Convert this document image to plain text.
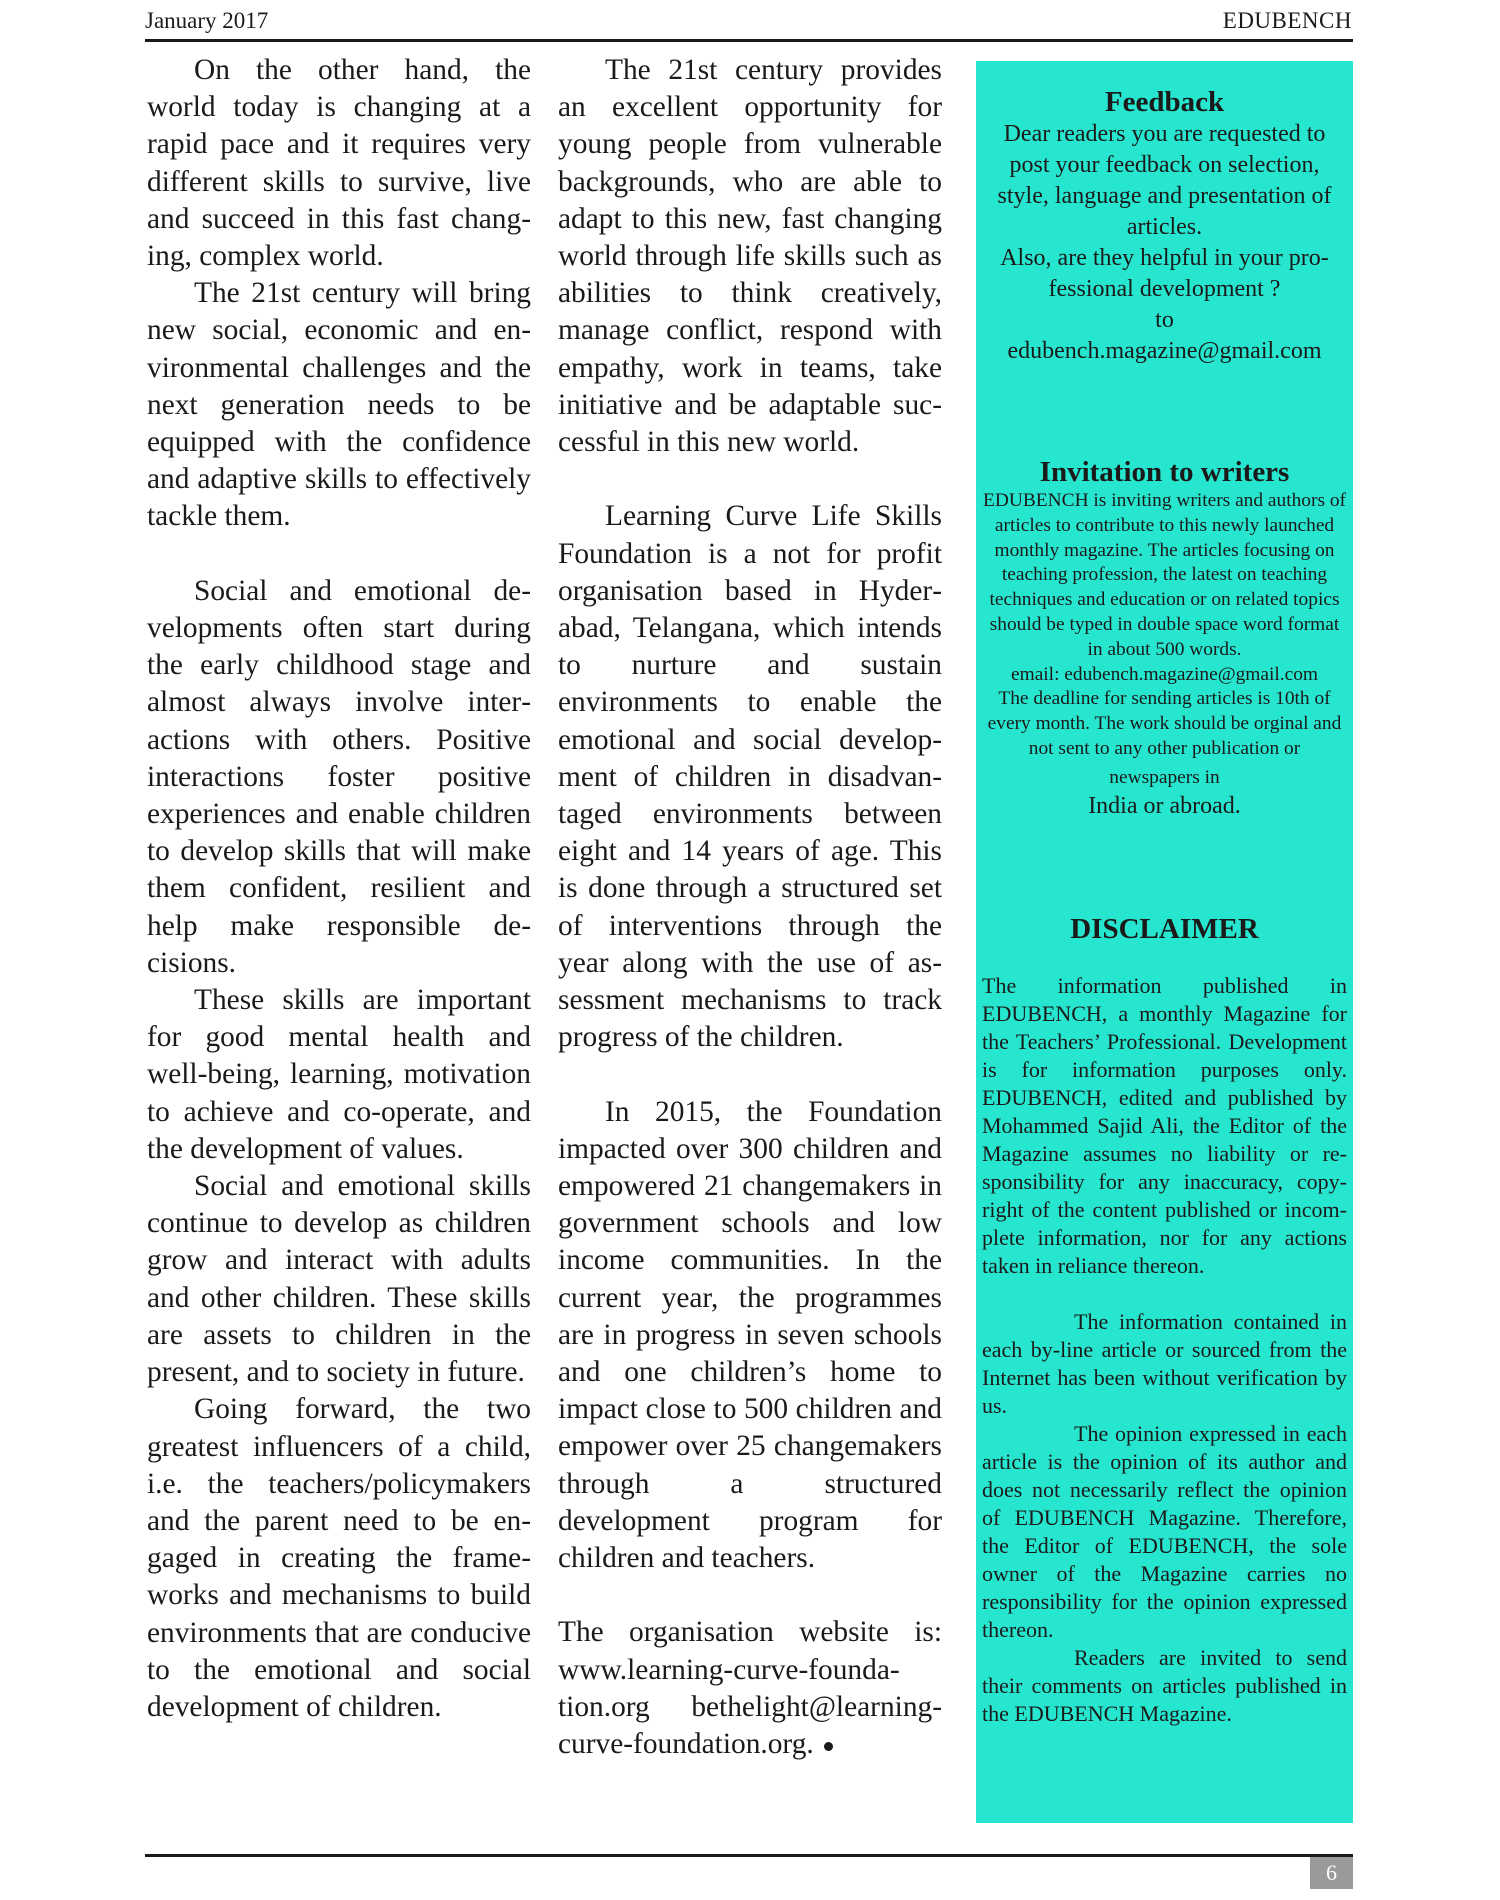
January 2017	EDUBENCH

On the other hand, the world today is changing at a rapid pace and it requires very different skills to survive, live and succeed in this fast changing, complex world.

The 21st century will bring new social, economic and environmental challenges and the next generation needs to be equipped with the confidence and adaptive skills to effectively tackle them.

Social and emotional developments often start during the early childhood stage and almost always involve interactions with others. Positive interactions foster positive experiences and enable children to develop skills that will make them confident, resilient and help make responsible decisions.

These skills are important for good mental health and well-being, learning, motivation to achieve and co-operate, and the development of values.

Social and emotional skills continue to develop as children grow and interact with adults and other children. These skills are assets to children in the present, and to society in future.

Going forward, the two greatest influencers of a child, i.e. the teachers/policymakers and the parent need to be engaged in creating the frameworks and mechanisms to build environments that are conducive to the emotional and social development of children.

The 21st century provides an excellent opportunity for young people from vulnerable backgrounds, who are able to adapt to this new, fast changing world through life skills such as abilities to think creatively, manage conflict, respond with empathy, work in teams, take initiative and be adaptable successful in this new world.

Learning Curve Life Skills Foundation is a not for profit organisation based in Hyderabad, Telangana, which intends to nurture and sustain environments to enable the emotional and social development of children in disadvantaged environments between eight and 14 years of age. This is done through a structured set of interventions through the year along with the use of assessment mechanisms to track progress of the children.

In 2015, the Foundation impacted over 300 children and empowered 21 changemakers in government schools and low income communities. In the current year, the programmes are in progress in seven schools and one children’s home to impact close to 500 children and empower over 25 changemakers through a structured development program for children and teachers.

The organisation website is: www.learning-curve-foundation.org bethelight@learning-curve-foundation.org.

Feedback
Dear readers you are requested to post your feedback on selection, style, language and presentation of articles.
Also, are they helpful in your professional development ?
to
edubench.magazine@gmail.com
Invitation to writers
EDUBENCH is inviting writers and authors of articles to contribute to this newly launched monthly magazine. The articles focusing on teaching profession, the latest on teaching techniques and education or on related topics should be typed in double space word format in about 500 words.
email: edubench.magazine@gmail.com
The deadline for sending articles is 10th of every month. The work should be orginal and not sent to any other publication or
newspapers in
India or abroad.
DISCLAIMER
The information published in EDUBENCH, a monthly Magazine for the Teachers’ Professional. Development is for information purposes only. EDUBENCH, edited and published by Mohammed Sajid Ali, the Editor of the Magazine assumes no liability or responsibility for any inaccuracy, copyright of the content published or incomplete information, nor for any actions taken in reliance thereon.
The information contained in each by-line article or sourced from the Internet has been without verification by us.
The opinion expressed in each article is the opinion of its author and does not necessarily reflect the opinion of EDUBENCH Magazine. Therefore, the Editor of EDUBENCH, the sole owner of the Magazine carries no responsibility for the opinion expressed thereon.
Readers are invited to send their comments on articles published in the EDUBENCH Magazine.
6
